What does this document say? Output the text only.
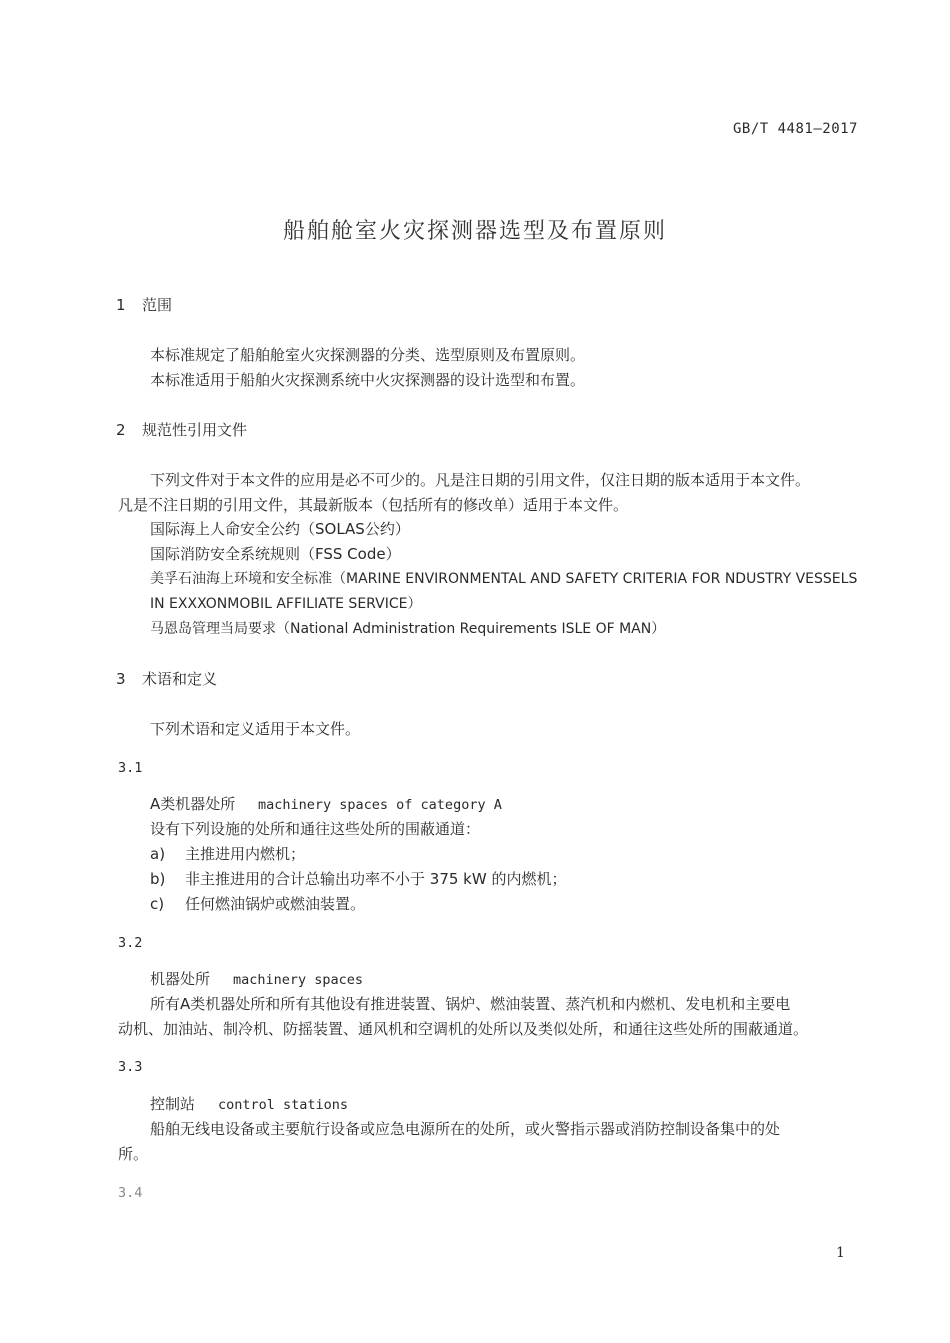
GB/T 4481—2017
船舶舱室火灾探测器选型及布置原则
1 范围
本标准规定了船舶舱室火灾探测器的分类、选型原则及布置原则。
本标准适用于船舶火灾探测系统中火灾探测器的设计选型和布置。
2 规范性引用文件
下列文件对于本文件的应用是必不可少的。凡是注日期的引用文件，仅注日期的版本适用于本文件。
凡是不注日期的引用文件，其最新版本（包括所有的修改单）适用于本文件。
国际海上人命安全公约（SOLAS公约）
国际消防安全系统规则（FSS Code）
美孚石油海上环境和安全标准（MARINE ENVIRONMENTAL AND SAFETY CRITERIA FOR NDUSTRY VESSELS
IN EXXXONMOBIL AFFILIATE SERVICE）
马恩岛管理当局要求（National Administration Requirements ISLE OF MAN）
3 术语和定义
下列术语和定义适用于本文件。
3.1
A类机器处所 machinery spaces of category A
设有下列设施的处所和通往这些处所的围蔽通道：
a) 主推进用内燃机；
b) 非主推进用的合计总输出功率不小于 375 kW 的内燃机；
c) 任何燃油锅炉或燃油装置。
3.2
机器处所 machinery spaces
所有A类机器处所和所有其他设有推进装置、锅炉、燃油装置、蒸汽机和内燃机、发电机和主要电
动机、加油站、制冷机、防摇装置、通风机和空调机的处所以及类似处所，和通往这些处所的围蔽通道。
3.3
控制站 control stations
船舶无线电设备或主要航行设备或应急电源所在的处所，或火警指示器或消防控制设备集中的处
所。
3.4
1
